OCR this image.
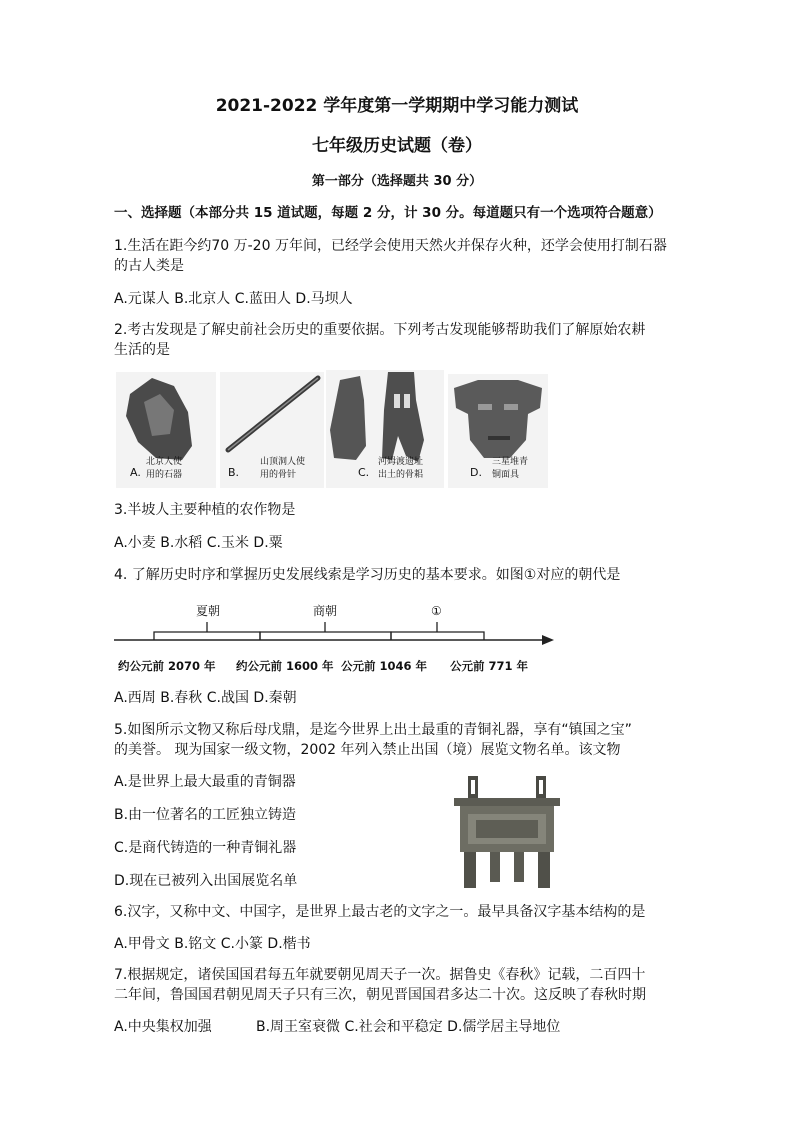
2021-2022 学年度第一学期期中学习能力测试
七年级历史试题（卷）
第一部分（选择题共 30 分）
一、选择题（本部分共 15 道试题，每题 2 分，计 30 分。每道题只有一个选项符合题意）
1.生活在距今约70 万-20 万年间，已经学会使用天然火并保存火种，还学会使用打制石器
的古人类是
A.元谋人 B.北京人 C.蓝田人 D.马坝人
2.考古发现是了解史前社会历史的重要依据。下列考古发现能够帮助我们了解原始农耕
生活的是
A.
北京人使
用的石器	B.
山顶洞人使
用的骨针	C.
河姆渡遗址
出土的骨耜	D.
三星堆青
铜面具
3.半坡人主要种植的农作物是
A.小麦 B.水稻 C.玉米 D.粟
4. 了解历史时序和掌握历史发展线索是学习历史的基本要求。如图①对应的朝代是
夏朝	商朝	①
约公元前 2070 年 约公元前 1600 年 公元前 1046 年 公元前 771 年
A.西周 B.春秋 C.战国 D.秦朝
5.如图所示文物又称后母戊鼎，是迄今世界上出土最重的青铜礼器，享有“镇国之宝”
的美誉。 现为国家一级文物，2002 年列入禁止出国（境）展览文物名单。该文物
A.是世界上最大最重的青铜器
B.由一位著名的工匠独立铸造
C.是商代铸造的一种青铜礼器
D.现在已被列入出国展览名单
6.汉字，又称中文、中国字，是世界上最古老的文字之一。最早具备汉字基本结构的是
A.甲骨文 B.铭文 C.小篆 D.楷书
7.根据规定，诸侯国国君每五年就要朝见周天子一次。据鲁史《春秋》记载，二百四十
二年间，鲁国国君朝见周天子只有三次，朝见晋国国君多达二十次。这反映了春秋时期
A.中央集权加强	B.周王室衰微 C.社会和平稳定 D.儒学居主导地位
